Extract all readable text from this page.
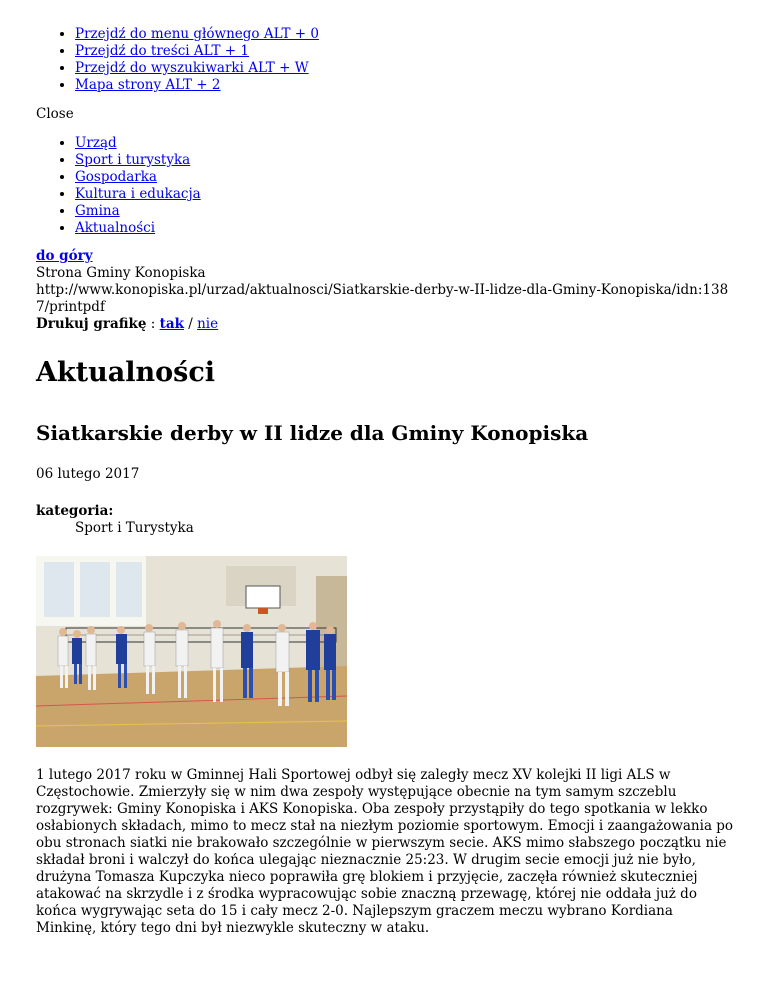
• Przejdź do menu głównego ALT + 0
• Przejdź do treści ALT + 1
• Przejdź do wyszukiwarki ALT + W
• Mapa strony ALT + 2
Close
• Urząd
• Sport i turystyka
• Gospodarka
• Kultura i edukacja
• Gmina
• Aktualności
do góry
Strona Gminy Konopiska
http://www.konopiska.pl/urzad/aktualnosci/Siatkarskie-derby-w-II-lidze-dla-Gminy-Konopiska/idn:1387/printpdf
Drukuj grafikę : tak / nie
Aktualności
Siatkarskie derby w II lidze dla Gminy Konopiska
06 lutego 2017
kategoria:
Sport i Turystyka
1 lutego 2017 roku w Gminnej Hali Sportowej odbył się zaległy mecz XV kolejki II ligi ALS w Częstochowie. Zmierzyły się w nim dwa zespoły występujące obecnie na tym samym szczeblu rozgrywek: Gminy Konopiska i AKS Konopiska. Oba zespoły przystąpiły do tego spotkania w lekko osłabionych składach, mimo to mecz stał na niezłym poziomie sportowym. Emocji i zaangażowania po obu stronach siatki nie brakowało szczególnie w pierwszym secie. AKS mimo słabszego początku nie składał broni i walczył do końca ulegając nieznacznie 25:23. W drugim secie emocji już nie było, drużyna Tomasza Kupczyka nieco poprawiła grę blokiem i przyjęcie, zaczęła również skuteczniej atakować na skrzydle i z środka wypracowując sobie znaczną przewagę, której nie oddała już do końca wygrywając seta do 15 i cały mecz 2-0. Najlepszym graczem meczu wybrano Kordiana Minkinę, który tego dni był niezwykle skuteczny w ataku.
